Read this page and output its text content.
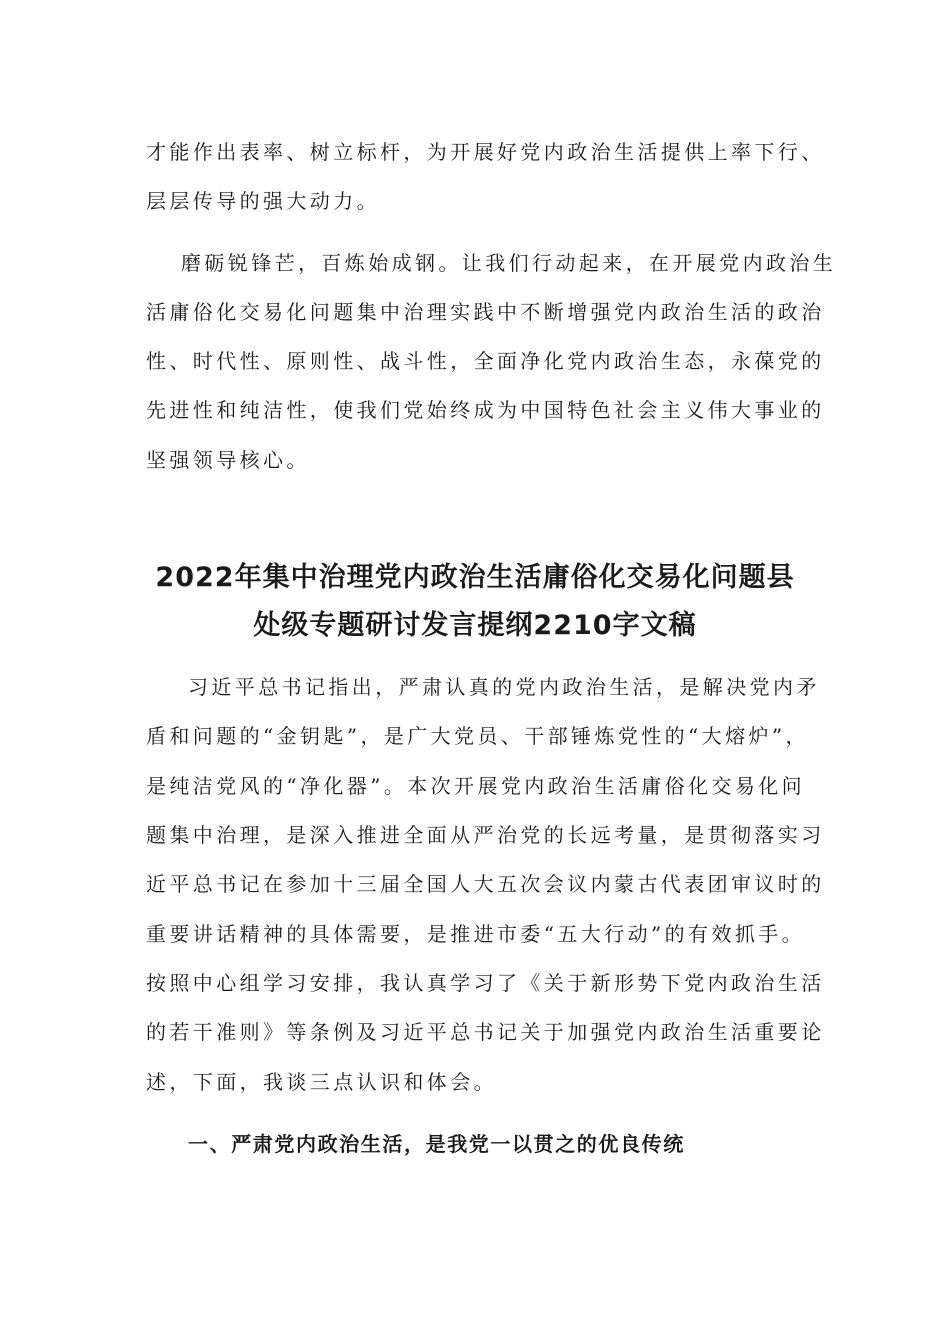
才能作出表率、树立标杆，为开展好党内政治生活提供上率下行、
层层传导的强大动力。
磨砺锐锋芒，百炼始成钢。让我们行动起来，在开展党内政治生
活庸俗化交易化问题集中治理实践中不断增强党内政治生活的政治
性、时代性、原则性、战斗性，全面净化党内政治生态，永葆党的
先进性和纯洁性，使我们党始终成为中国特色社会主义伟大事业的
坚强领导核心。
2022年集中治理党内政治生活庸俗化交易化问题县
处级专题研讨发言提纲2210字文稿
习近平总书记指出，严肃认真的党内政治生活，是解决党内矛
盾和问题的“金钥匙”，是广大党员、干部锤炼党性的“大熔炉”，
是纯洁党风的“净化器”。本次开展党内政治生活庸俗化交易化问
题集中治理，是深入推进全面从严治党的长远考量，是贯彻落实习
近平总书记在参加十三届全国人大五次会议内蒙古代表团审议时的
重要讲话精神的具体需要，是推进市委“五大行动”的有效抓手。
按照中心组学习安排，我认真学习了《关于新形势下党内政治生活
的若干准则》等条例及习近平总书记关于加强党内政治生活重要论
述，下面，我谈三点认识和体会。
一、严肃党内政治生活，是我党一以贯之的优良传统
